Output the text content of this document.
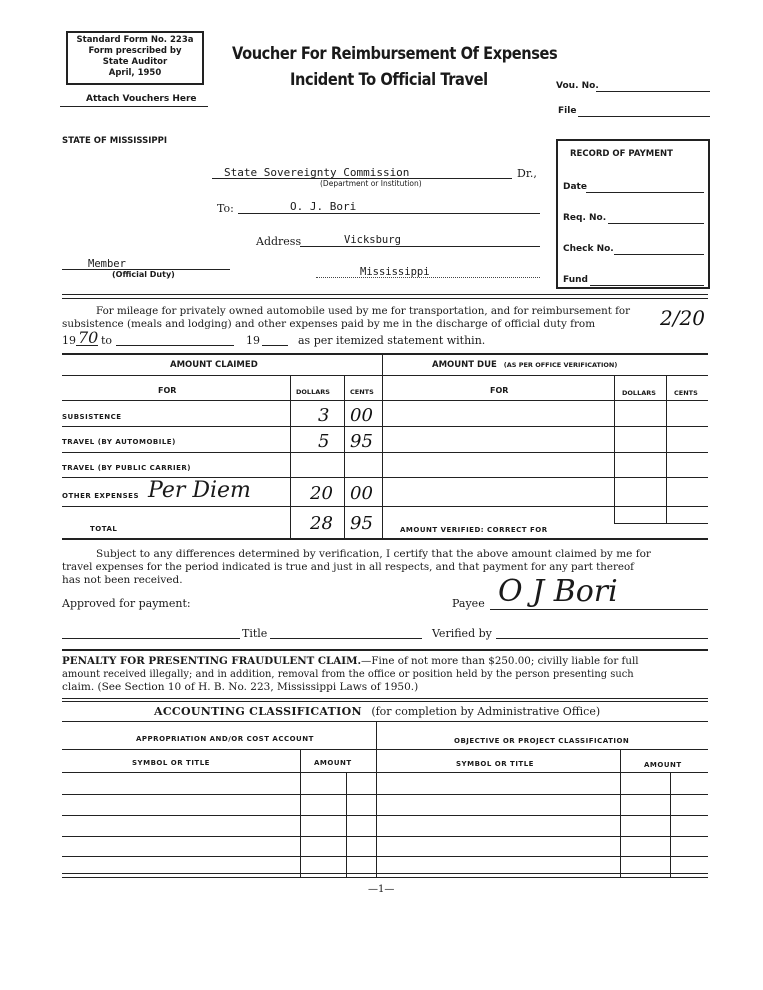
Standard Form No. 223a
Form prescribed by
State Auditor
April, 1950
Attach Vouchers Here
Voucher For Reimbursement Of Expenses
Incident To Official Travel	Vou. No.
File
STATE OF MISSISSIPPI
State Sovereignty Commission	Dr.,
(Department or Institution)
To:	O. J. Bori
Address	Vicksburg
Member
(Official Duty)	Mississippi
RECORD OF PAYMENT
Date
Req. No.
Check No.
Fund
For mileage for privately owned automobile used by me for transportation, and for reimbursement for
subsistence (meals and lodging) and other expenses paid by me in the discharge of official duty from	2/20
19 70 to	19	as per itemized statement within.
AMOUNT CLAIMED	AMOUNT DUE (AS PER OFFICE VERIFICATION)
FOR	DOLLARS	CENTS	FOR	DOLLARS	CENTS
SUBSISTENCE	3 00
TRAVEL (BY AUTOMOBILE)	5 95
TRAVEL (BY PUBLIC CARRIER)
OTHER EXPENSES Per Diem	20 00
TOTAL	28 95	AMOUNT VERIFIED: CORRECT FOR
Subject to any differences determined by verification, I certify that the above amount claimed by me for
travel expenses for the period indicated is true and just in all respects, and that payment for any part thereof
has not been received.
Approved for payment:	Payee O J Bori
Title	Verified by
PENALTY FOR PRESENTING FRAUDULENT CLAIM.—Fine of not more than $250.00; civilly liable for full
amount received illegally; and in addition, removal from the office or position held by the person presenting such
claim. (See Section 10 of H. B. No. 223, Mississippi Laws of 1950.)
ACCOUNTING CLASSIFICATION (for completion by Administrative Office)
APPROPRIATION AND/OR COST ACCOUNT	OBJECTIVE OR PROJECT CLASSIFICATION
SYMBOL OR TITLE	AMOUNT	SYMBOL OR TITLE	AMOUNT
—1—
